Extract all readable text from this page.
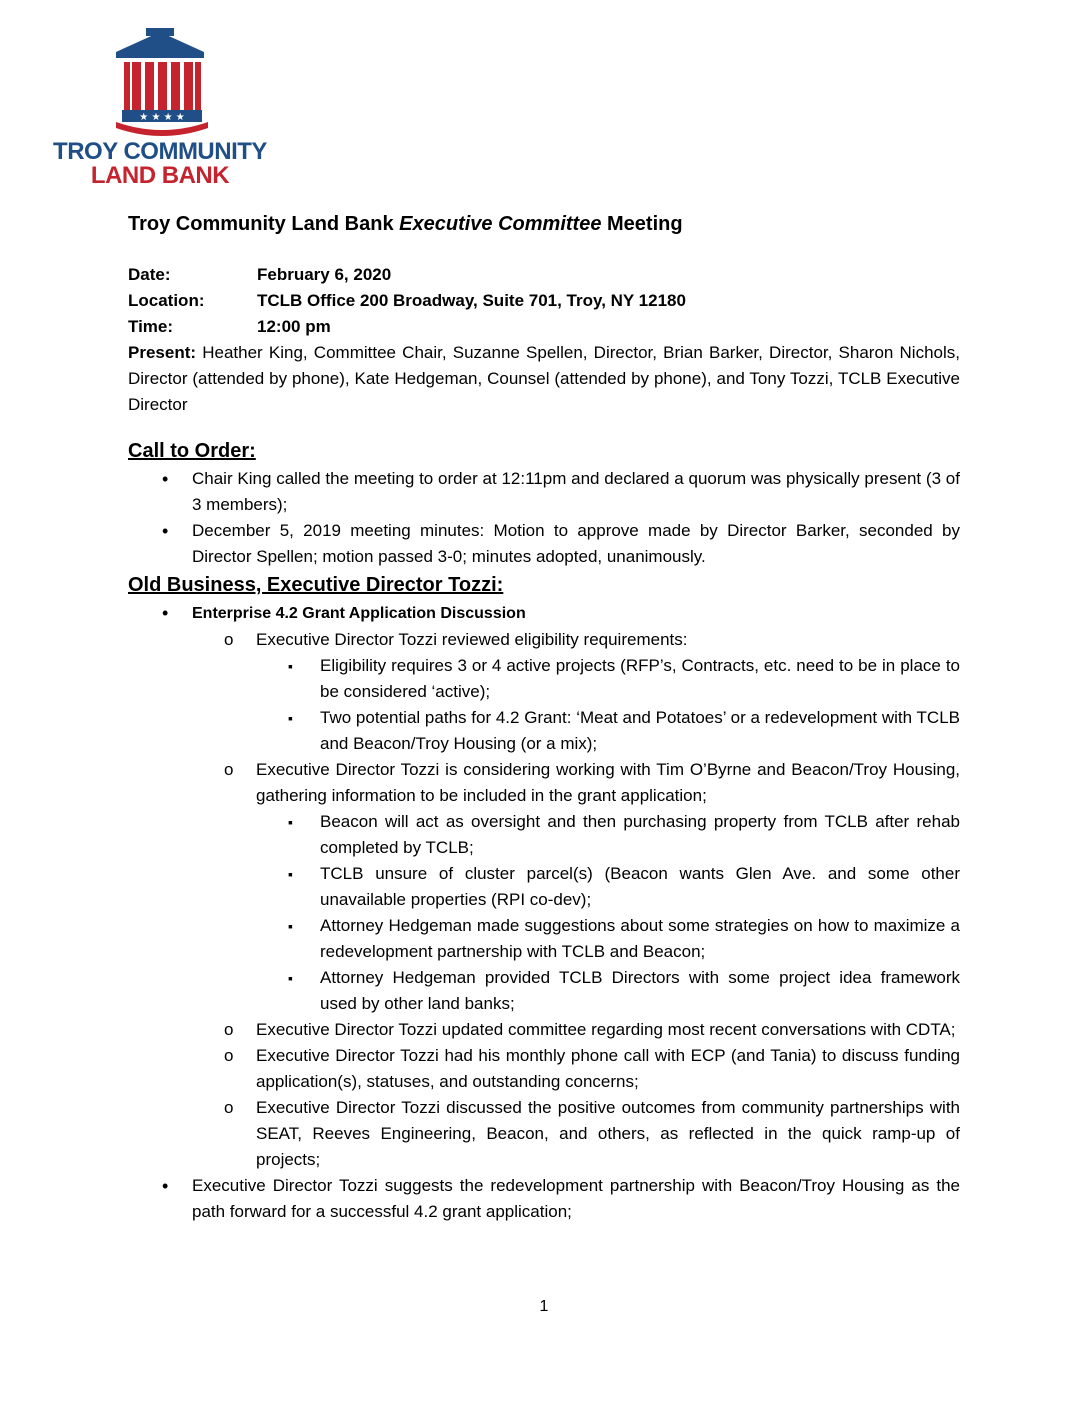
★ ★ ★ ★
TROY COMMUNITY
LAND BANK
Troy Community Land Bank Executive Committee Meeting
Date:	February 6, 2020
Location:	TCLB Office 200 Broadway, Suite 701, Troy, NY 12180
Time:	12:00 pm
Present: Heather King, Committee Chair, Suzanne Spellen, Director, Brian Barker, Director, Sharon Nichols, Director (attended by phone), Kate Hedgeman, Counsel (attended by phone), and Tony Tozzi, TCLB Executive Director
Call to Order:
• Chair King called the meeting to order at 12:11pm and declared a quorum was physically present (3 of 3 members);
• December 5, 2019 meeting minutes: Motion to approve made by Director Barker, seconded by Director Spellen; motion passed 3-0; minutes adopted, unanimously.
Old Business, Executive Director Tozzi:
• Enterprise 4.2 Grant Application Discussion
o Executive Director Tozzi reviewed eligibility requirements:
▪ Eligibility requires 3 or 4 active projects (RFP’s, Contracts, etc. need to be in place to be considered ‘active);
▪ Two potential paths for 4.2 Grant: ‘Meat and Potatoes’ or a redevelopment with TCLB and Beacon/Troy Housing (or a mix);
o Executive Director Tozzi is considering working with Tim O’Byrne and Beacon/Troy Housing, gathering information to be included in the grant application;
▪ Beacon will act as oversight and then purchasing property from TCLB after rehab completed by TCLB;
▪ TCLB unsure of cluster parcel(s) (Beacon wants Glen Ave. and some other unavailable properties (RPI co-dev);
▪ Attorney Hedgeman made suggestions about some strategies on how to maximize a redevelopment partnership with TCLB and Beacon;
▪ Attorney Hedgeman provided TCLB Directors with some project idea framework used by other land banks;
o Executive Director Tozzi updated committee regarding most recent conversations with CDTA;
o Executive Director Tozzi had his monthly phone call with ECP (and Tania) to discuss funding application(s), statuses, and outstanding concerns;
o Executive Director Tozzi discussed the positive outcomes from community partnerships with SEAT, Reeves Engineering, Beacon, and others, as reflected in the quick ramp-up of projects;
• Executive Director Tozzi suggests the redevelopment partnership with Beacon/Troy Housing as the path forward for a successful 4.2 grant application;
1
